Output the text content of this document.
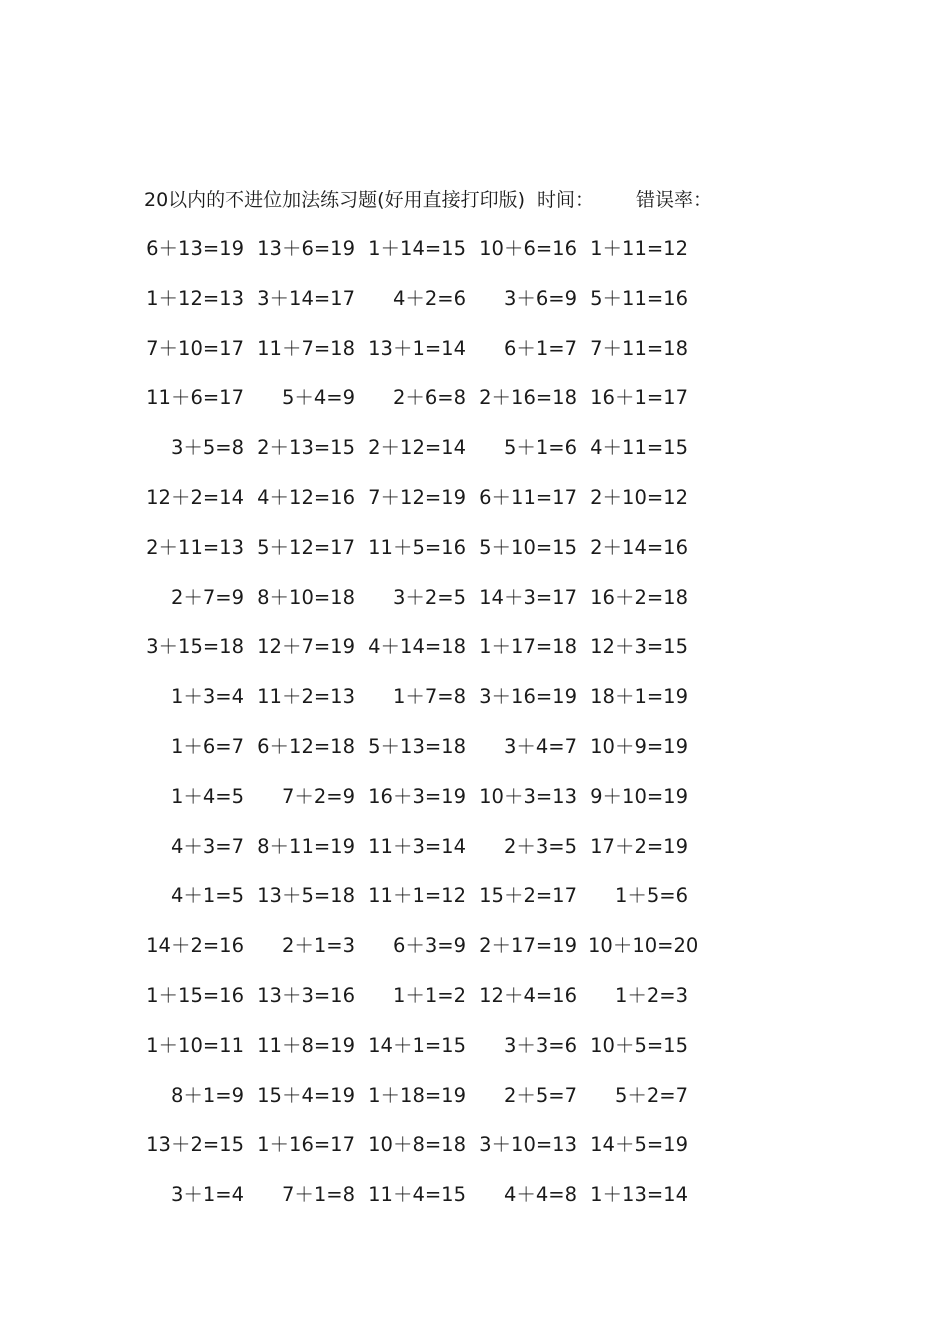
20以内的不进位加法练习题(好用直接打印版) 时间： 错误率：
6＋13=19 13＋6=19 1＋14=15 10＋6=16 1＋11=12
1＋12=13 3＋14=17	4＋2=6	3＋6=9 5＋11=16
7＋10=17 11＋7=18 13＋1=14	6＋1=7 7＋11=18
11＋6=17	5＋4=9	2＋6=8 2＋16=18 16＋1=17
3＋5=8 2＋13=15 2＋12=14	5＋1=6 4＋11=15
12＋2=14 4＋12=16 7＋12=19 6＋11=17 2＋10=12
2＋11=13 5＋12=17 11＋5=16 5＋10=15 2＋14=16
2＋7=9 8＋10=18	3＋2=5 14＋3=17 16＋2=18
3＋15=18 12＋7=19 4＋14=18 1＋17=18 12＋3=15
1＋3=4 11＋2=13	1＋7=8 3＋16=19 18＋1=19
1＋6=7 6＋12=18 5＋13=18	3＋4=7 10＋9=19
1＋4=5	7＋2=9 16＋3=19 10＋3=13 9＋10=19
4＋3=7 8＋11=19 11＋3=14	2＋3=5 17＋2=19
4＋1=5 13＋5=18 11＋1=12 15＋2=17	1＋5=6
14＋2=16	2＋1=3	6＋3=9 2＋17=19 10＋10=20
1＋15=16 13＋3=16	1＋1=2 12＋4=16	1＋2=3
1＋10=11 11＋8=19 14＋1=15	3＋3=6 10＋5=15
8＋1=9 15＋4=19 1＋18=19	2＋5=7	5＋2=7
13＋2=15 1＋16=17 10＋8=18 3＋10=13 14＋5=19
3＋1=4	7＋1=8 11＋4=15	4＋4=8 1＋13=14
